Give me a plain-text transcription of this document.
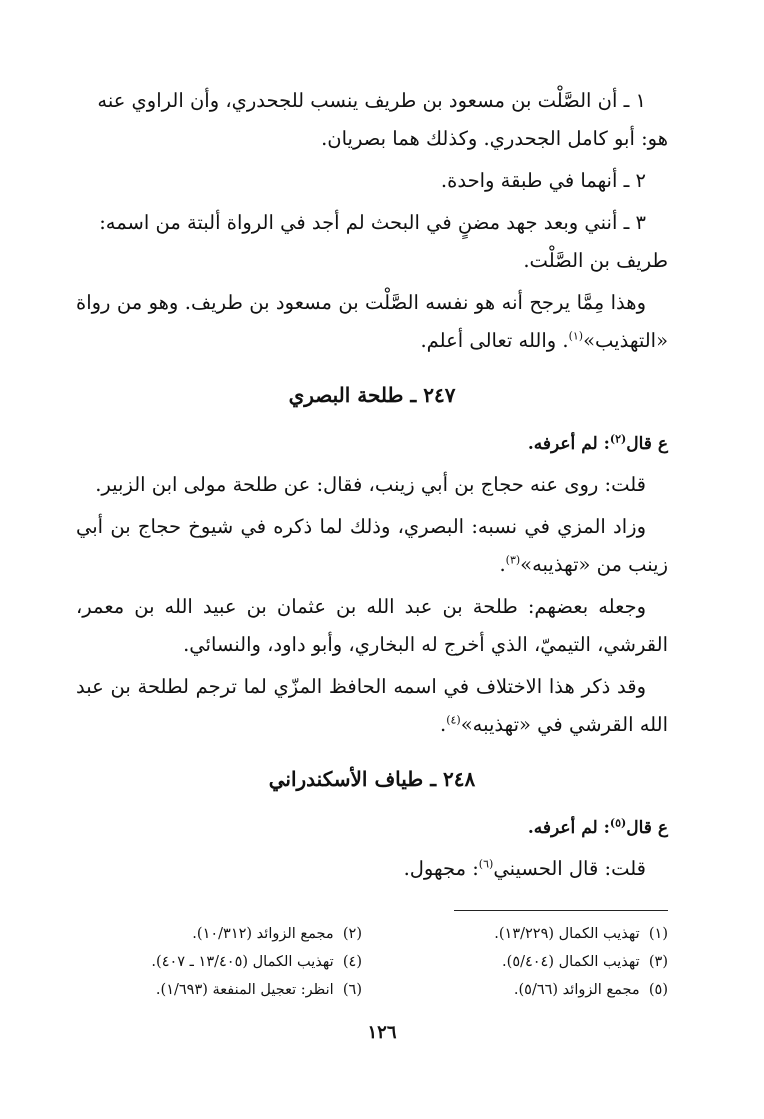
١ ـ أن الصَّلْت بن مسعود بن طريف ينسب للجحدري، وأن الراوي عنه
هو: أبو كامل الجحدري. وكذلك هما بصريان.

٢ ـ أنهما في طبقة واحدة.

٣ ـ أنني وبعد جهد مضنٍ في البحث لم أجد في الرواة ألبتة من اسمه:
طريف بن الصَّلْت.

وهذا مِمَّا يرجح أنه هو نفسه الصَّلْت بن مسعود بن طريف. وهو من رواة «التهذيب»$^{(١)}$. والله تعالى أعلم.

٢٤٧ ـ طلحة البصري
ع قال$^{(٢)}$: لم أعرفه.

قلت: روى عنه حجاج بن أبي زينب، فقال: عن طلحة مولى ابن الزبير.

وزاد المزي في نسبه: البصري، وذلك لما ذكره في شيوخ حجاج بن أبي زينب من «تهذيبه»$^{(٣)}$.

وجعله بعضهم: طلحة بن عبد الله بن عثمان بن عبيد الله بن معمر، القرشي، التيميّ، الذي أخرج له البخاري، وأبو داود، والنسائي.

وقد ذكر هذا الاختلاف في اسمه الحافظ المزّي لما ترجم لطلحة بن عبد الله القرشي في «تهذيبه»$^{(٤)}$.

٢٤٨ ـ طياف الأسكندراني
ع قال$^{(٥)}$: لم أعرفه.

قلت: قال الحسيني$^{(٦)}$: مجهول.

(١)  تهذيب الكمال (١٣/٢٢٩).
(٢)  مجمع الزوائد (١٠/٣١٢).
(٣)  تهذيب الكمال (٥/٤٠٤).
(٤)  تهذيب الكمال (١٣/٤٠٥ ـ ٤٠٧).
(٥)  مجمع الزوائد (٥/٦٦).
(٦)  انظر: تعجيل المنفعة (١/٦٩٣).
١٢٦
